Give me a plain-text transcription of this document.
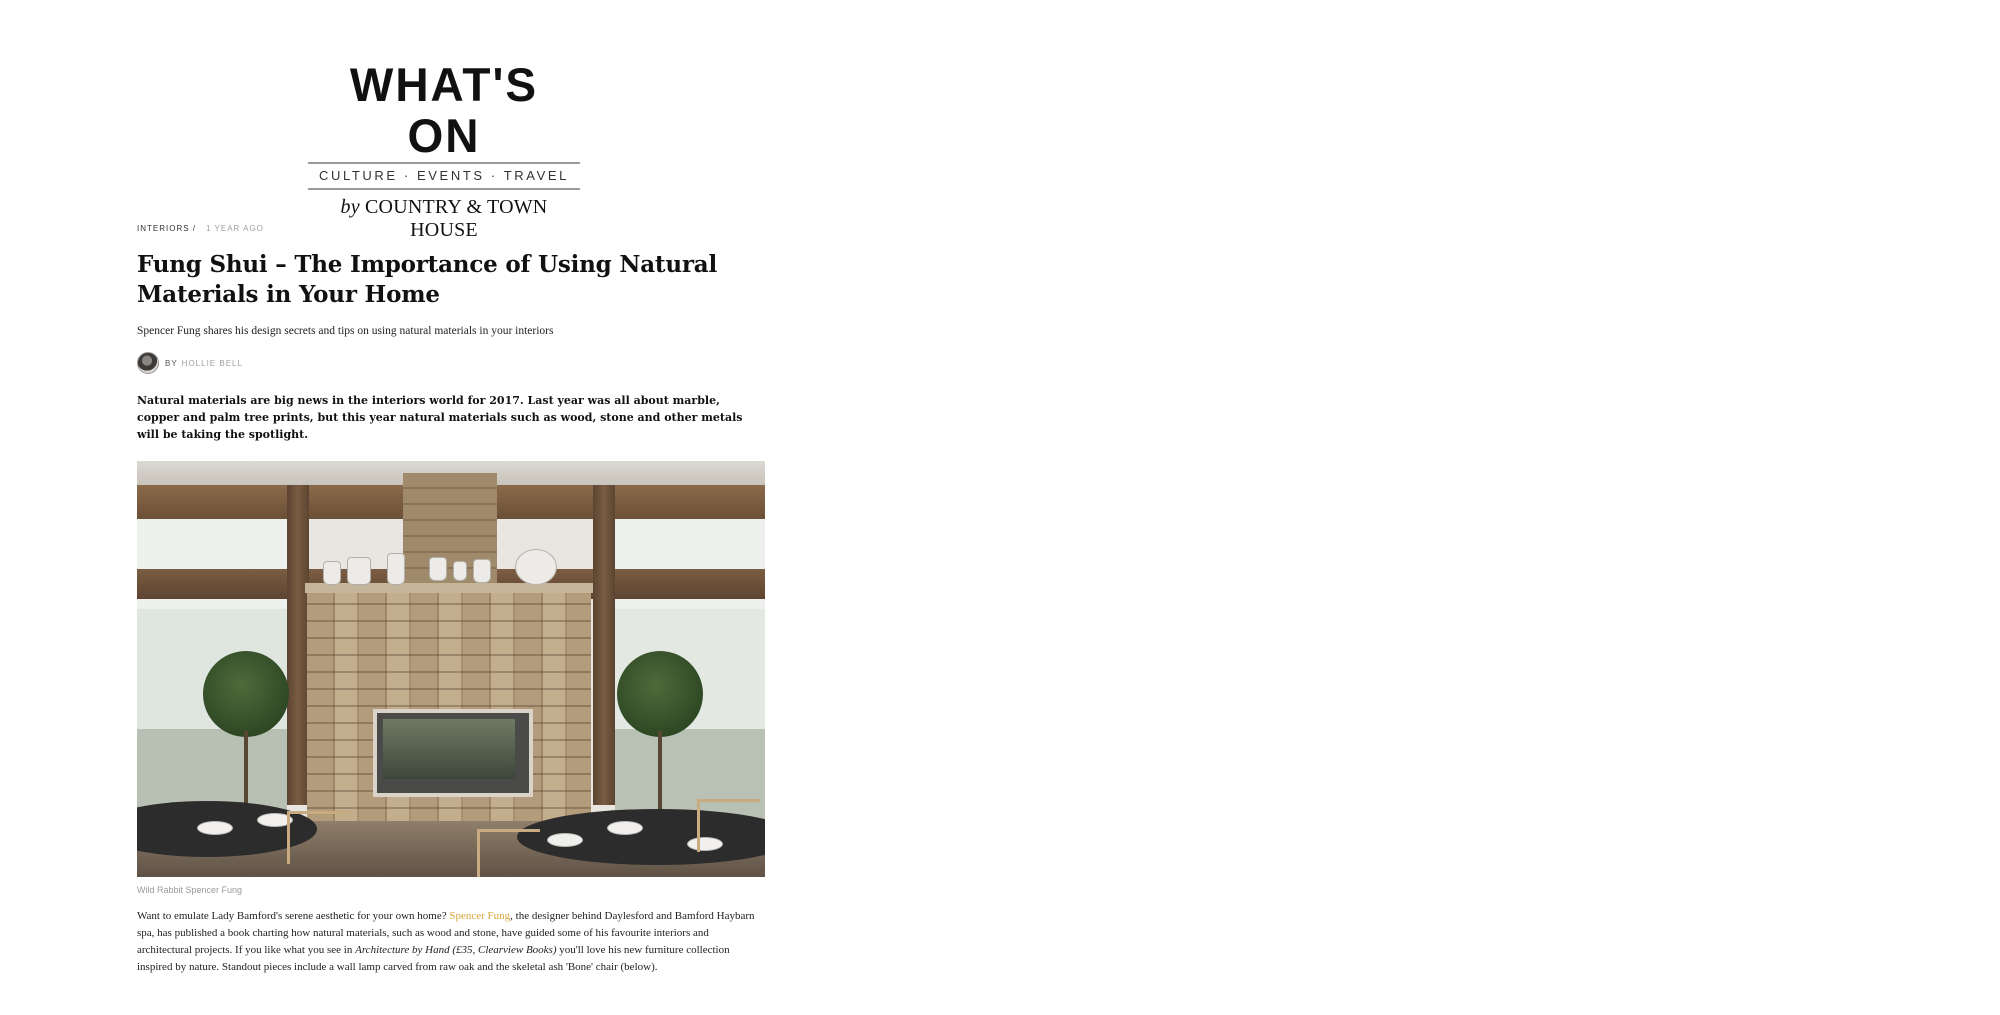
WHAT'S ON
CULTURE · EVENTS · TRAVEL
by COUNTRY & TOWN HOUSE
INTERIORS / 1 YEAR AGO
Fung Shui – The Importance of Using Natural Materials in Your Home
Spencer Fung shares his design secrets and tips on using natural materials in your interiors
BY HOLLIE BELL
Natural materials are big news in the interiors world for 2017. Last year was all about marble, copper and palm tree prints, but this year natural materials such as wood, stone and other metals will be taking the spotlight.
Wild Rabbit Spencer Fung
Want to emulate Lady Bamford's serene aesthetic for your own home? Spencer Fung, the designer behind Daylesford and Bamford Haybarn spa, has published a book charting how natural materials, such as wood and stone, have guided some of his favourite interiors and architectural projects. If you like what you see in Architecture by Hand (£35, Clearview Books) you'll love his new furniture collection inspired by nature. Standout pieces include a wall lamp carved from raw oak and the skeletal ash 'Bone' chair (below).
